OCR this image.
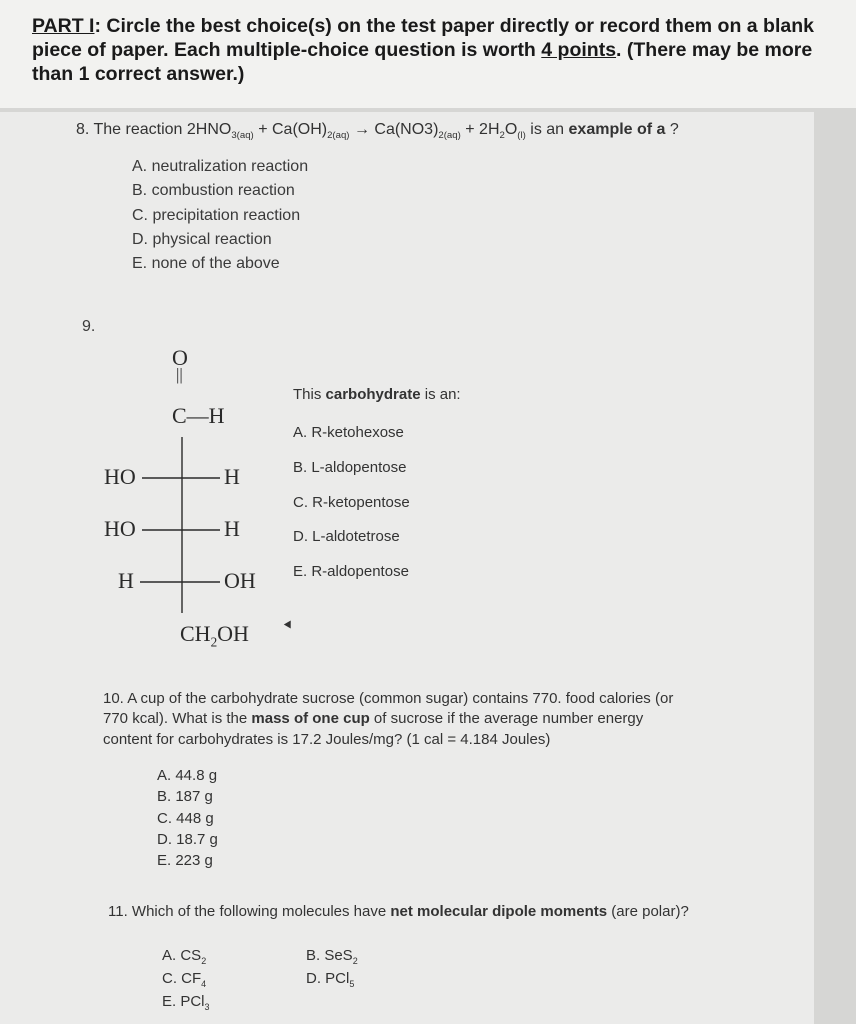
PART I: Circle the best choice(s) on the test paper directly or record them on a blank piece of paper. Each multiple-choice question is worth 4 points. (There may be more than 1 correct answer.)

8. The reaction $2HNO_{3(aq)} + Ca(OH)_{2(aq)} \to Ca(NO3)_{2(aq)} + 2H_2O_{(l)}$ is an example of a ?
A. neutralization reaction
B. combustion reaction
C. precipitation reaction
D. physical reaction
E. none of the above
9.
O
||
C—H
HO	H
HO	H
H	OH
$CH_2OH$
This carbohydrate is an:
A. R-ketohexose
B. L-aldopentose
C. R-ketopentose
D. L-aldotetrose
E. R-aldopentose
10. A cup of the carbohydrate sucrose (common sugar) contains 770. food calories (or
770 kcal). What is the mass of one cup of sucrose if the average number energy
content for carbohydrates is 17.2 Joules/mg? (1 cal = 4.184 Joules)
A. 44.8 g
B. 187 g
C. 448 g
D. 18.7 g
E. 223 g
11. Which of the following molecules have net molecular dipole moments (are polar)?
A. $CS_2$	B. SeS$_2$
C. $CF_4$	D. PCl$_5$
E. PCl$_3$
